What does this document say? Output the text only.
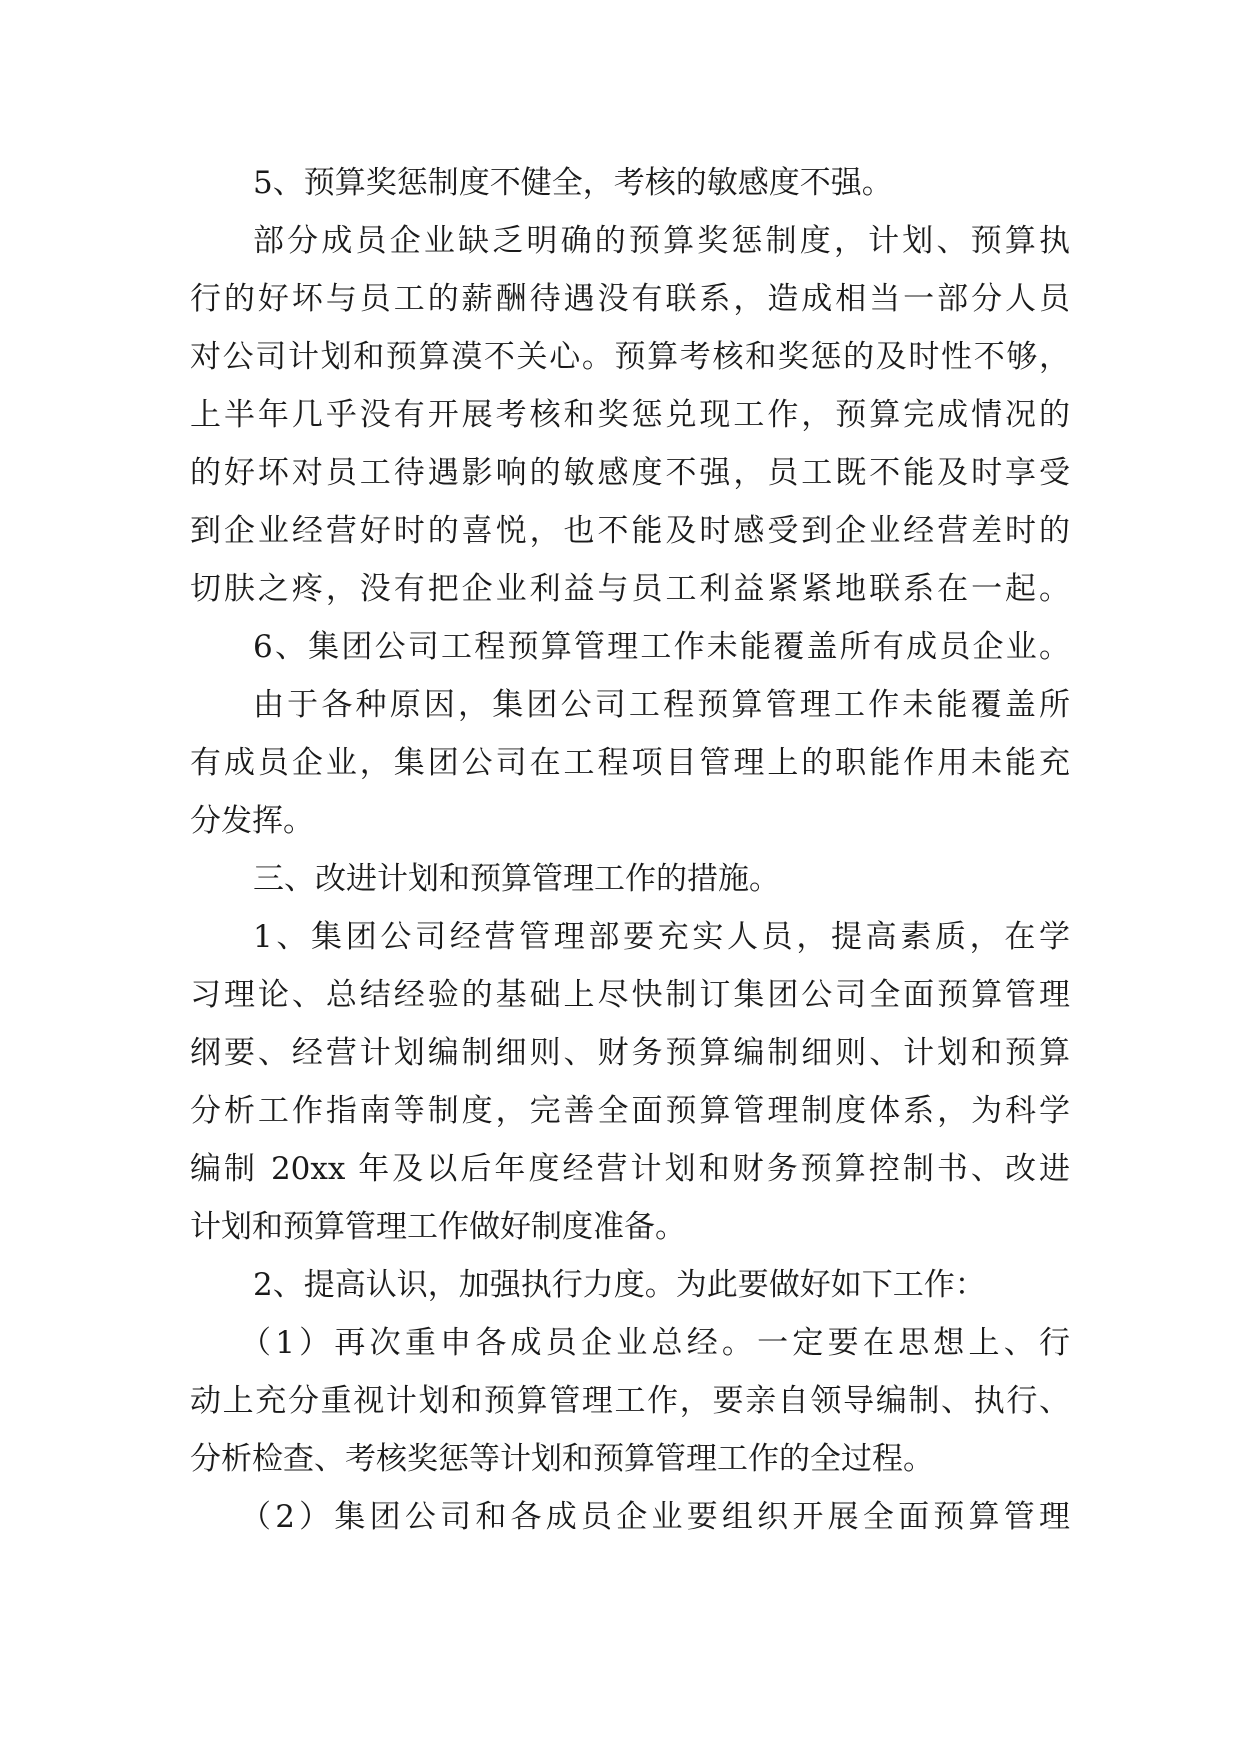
5、预算奖惩制度不健全，考核的敏感度不强。
部分成员企业缺乏明确的预算奖惩制度，计划、预算执
行的好坏与员工的薪酬待遇没有联系，造成相当一部分人员
对公司计划和预算漠不关心。预算考核和奖惩的及时性不够，
上半年几乎没有开展考核和奖惩兑现工作，预算完成情况的
的好坏对员工待遇影响的敏感度不强，员工既不能及时享受
到企业经营好时的喜悦，也不能及时感受到企业经营差时的
切肤之疼，没有把企业利益与员工利益紧紧地联系在一起。
6、集团公司工程预算管理工作未能覆盖所有成员企业。
由于各种原因，集团公司工程预算管理工作未能覆盖所
有成员企业，集团公司在工程项目管理上的职能作用未能充
分发挥。
三、改进计划和预算管理工作的措施。
1、集团公司经营管理部要充实人员，提高素质，在学
习理论、总结经验的基础上尽快制订集团公司全面预算管理
纲要、经营计划编制细则、财务预算编制细则、计划和预算
分析工作指南等制度，完善全面预算管理制度体系，为科学
编制 20xx 年及以后年度经营计划和财务预算控制书、改进
计划和预算管理工作做好制度准备。
2、提高认识，加强执行力度。为此要做好如下工作：
（1）再次重申各成员企业总经。一定要在思想上、行
动上充分重视计划和预算管理工作，要亲自领导编制、执行、
分析检查、考核奖惩等计划和预算管理工作的全过程。
（2）集团公司和各成员企业要组织开展全面预算管理
